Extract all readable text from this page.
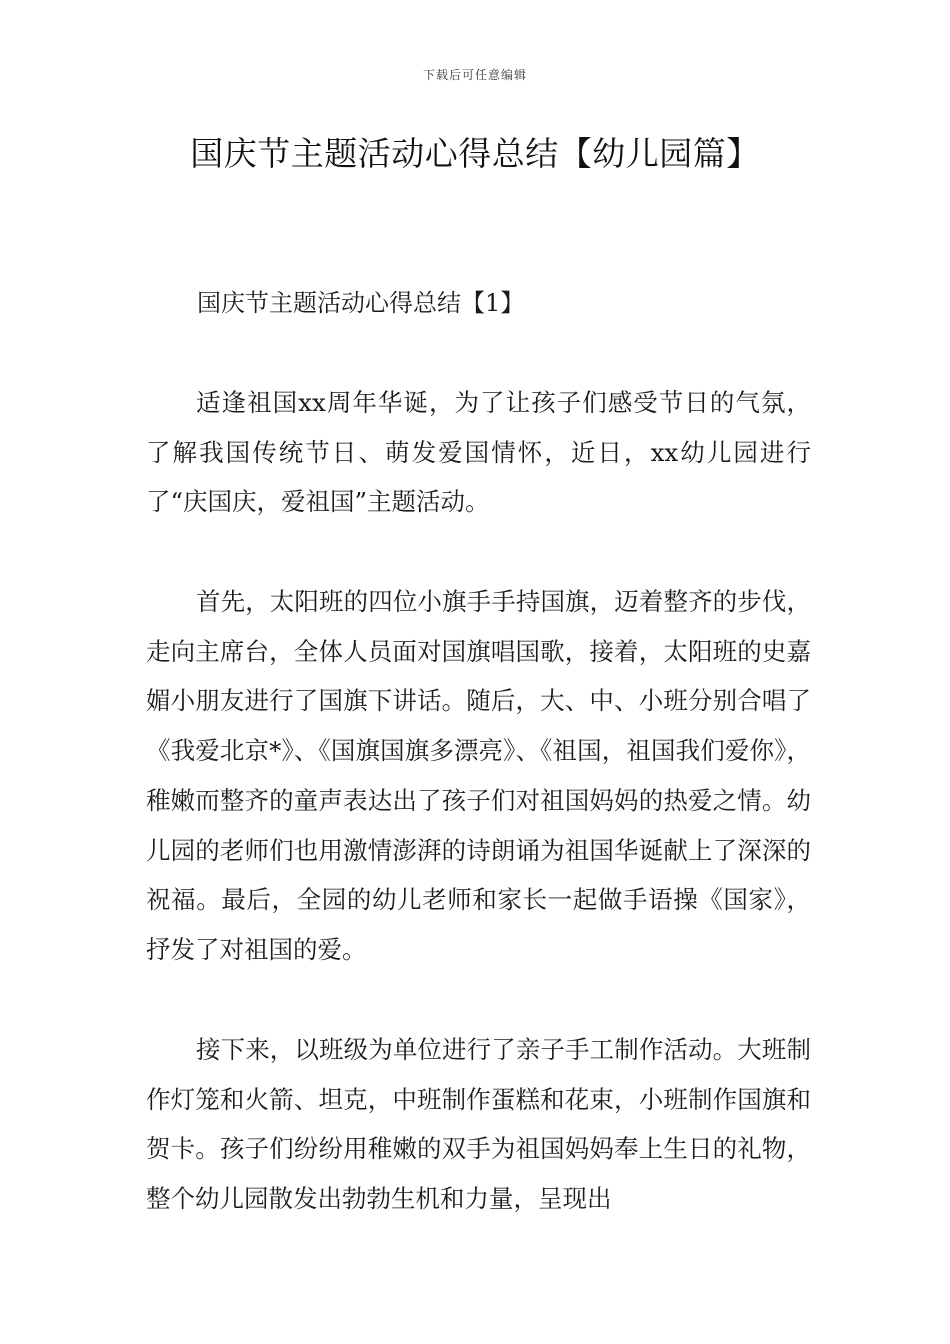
下载后可任意编辑
国庆节主题活动心得总结【幼儿园篇】
国庆节主题活动心得总结【1】

适逢祖国xx周年华诞，为了让孩子们感受节日的气氛，了解我国传统节日、萌发爱国情怀，近日，xx幼儿园进行了“庆国庆，爱祖国”主题活动。

首先，太阳班的四位小旗手手持国旗，迈着整齐的步伐，走向主席台，全体人员面对国旗唱国歌，接着，太阳班的史嘉媚小朋友进行了国旗下讲话。随后，大、中、小班分别合唱了《我爱北京*》、《国旗国旗多漂亮》、《祖国，祖国我们爱你》，稚嫩而整齐的童声表达出了孩子们对祖国妈妈的热爱之情。幼儿园的老师们也用激情澎湃的诗朗诵为祖国华诞献上了深深的祝福。最后，全园的幼儿老师和家长一起做手语操《国家》，抒发了对祖国的爱。

接下来，以班级为单位进行了亲子手工制作活动。大班制作灯笼和火箭、坦克，中班制作蛋糕和花束，小班制作国旗和贺卡。孩子们纷纷用稚嫩的双手为祖国妈妈奉上生日的礼物，整个幼儿园散发出勃勃生机和力量，呈现出
